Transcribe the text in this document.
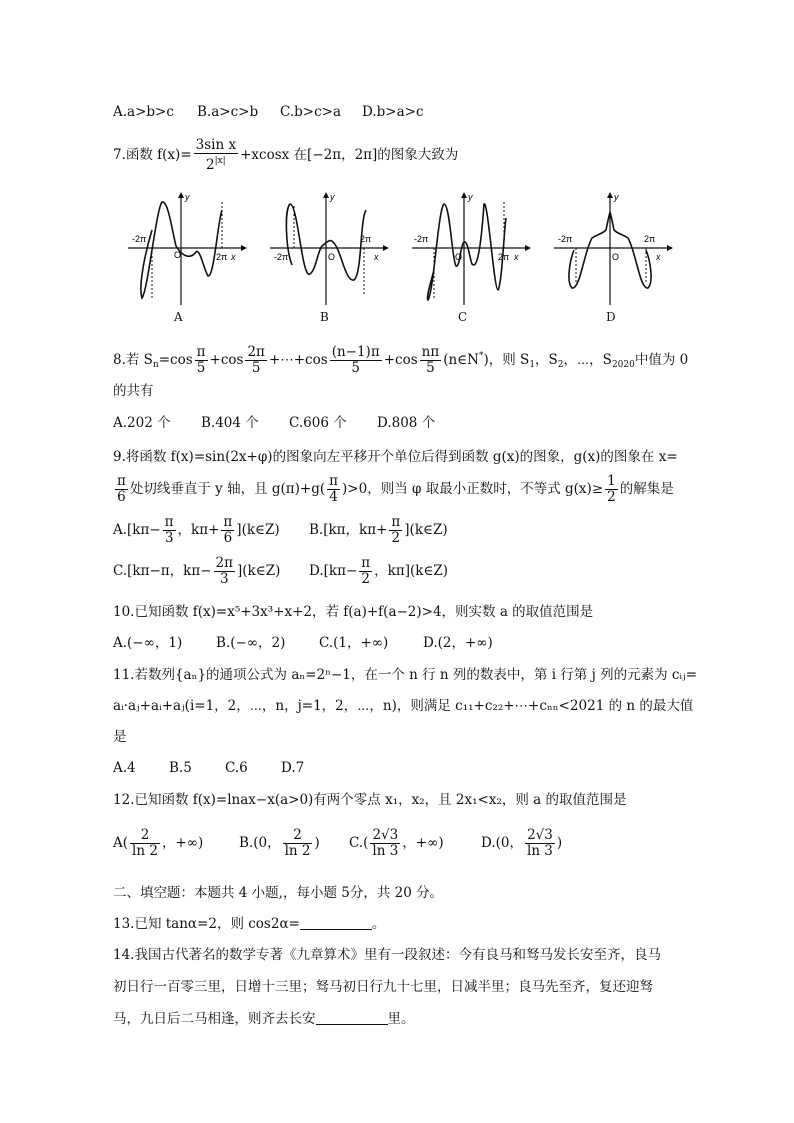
A.a>b>c B.a>c>b C.b>c>a D.b>a>c
7.函数 $f(x)= \frac{\text{3sin x}}{2^{|x|}} +xcosx$ 在[−2π，2π]的图象大致为
-2π
2π
O	x
y
A
-2π
2π
O	x
y
B
-2π
2π
O	x
y
C
-2π	2π
O	x
y
D
8.若 $S_n=\cos \frac{\pi}{5} +\cos \frac{2\pi}{5}$ +⋯+cos $\frac{(n-1)\pi}{5} +\cos \frac{n\pi}{5}$ (n∈N*)，则 $S_1$，$S_2$，⋯，$S_{2020}$中值为 0
的共有
A.202 个 B.404 个 C.606 个 D.808 个
9.将函数 f(x)=sin(2x+φ)的图象向左平移开个单位后得到函数 g(x)的图象，g(x)的图象在 x=
$\frac{\pi}{6}$ 处切线垂直于 y 轴，且 $g(\pi)+g( \frac{\pi}{4} )>0$，则当 φ 取最小正数时，不等式 $g(x)\ge \frac{1}{2}$ 的解集是
$A.[k\pi- \frac{\pi}{3}$ ，$k\pi+ \frac{\pi}{6}$ ](k∈Z) B.[kπ，$k\pi+ \frac{\pi}{2}$ ](k∈Z)
C.[kπ−π，$k\pi- \frac{2\pi}{3}$ ](k∈Z) $D.[k\pi- \frac{\pi}{2}$ ，kπ](k∈Z)
10.已知函数 f(x)=x⁵+3x³+x+2，若 f(a)+f(a−2)>4，则实数 a 的取值范围是
A.(−∞，1)	B.(−∞，2) C.(1，+∞)	D.(2，+∞)
11.若数列{aₙ}的通项公式为 aₙ=2ⁿ−1，在一个 n 行 n 列的数表中，第 i 行第 j 列的元素为 cᵢⱼ=
aᵢ·aⱼ+aᵢ+aⱼ(i=1，2，⋯，n，j=1，2，⋯，n)，则满足 c₁₁+c₂₂+⋯+cₙₙ<2021 的 n 的最大值
是
A.4 B.5 C.6 D.7
12.已知函数 f(x)=lnax−x(a>0)有两个零点 x₁，x₂，且 2x₁<x₂，则 a 的取值范围是
$A( \frac{2}{\ln 2}$ ，+∞)	B.(0， $\frac{2}{\ln 2}$ ) $C.( \frac{2√3}{\ln 3}$ ，+∞)	D.(0， $\frac{2√3}{\ln 3}$ )
二、填空题：本题共 4 小题,，每小题 5分，共 20 分。
13.已知 tanα=2，则 cos2α=	。
14.我国古代著名的数学专著《九章算术》里有一段叙述：今有良马和驽马发长安至齐，良马
初日行一百零三里，日增十三里；驽马初日行九十七里，日减半里；良马先至齐，复还迎驽
马，九日后二马相逢，则齐去长安	里。
